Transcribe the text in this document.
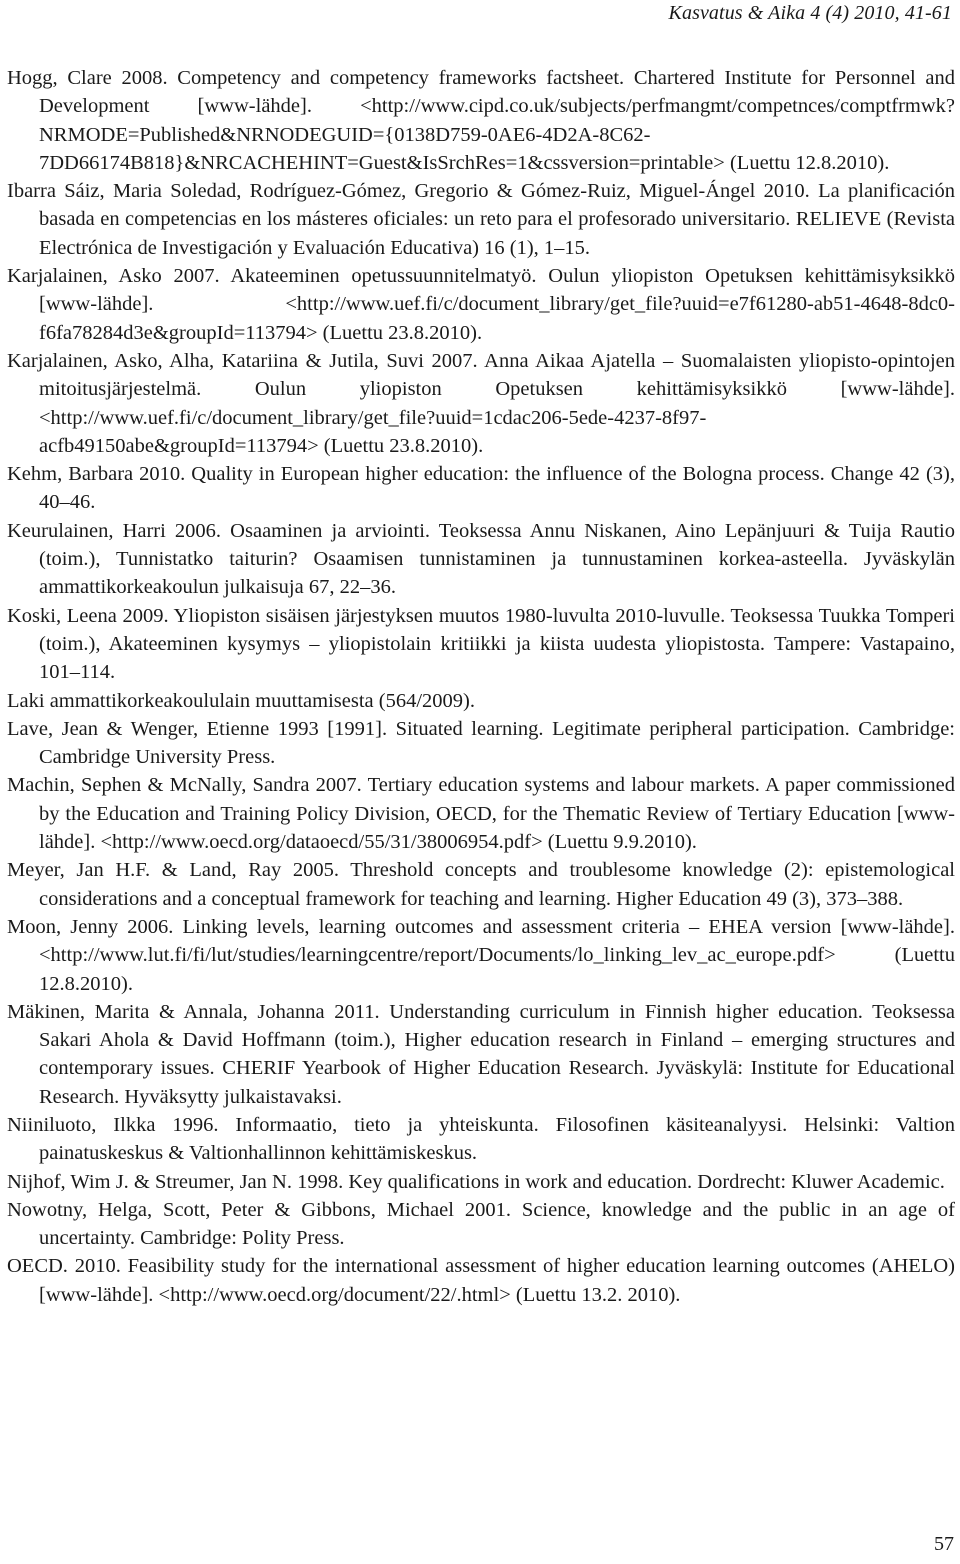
Kasvatus & Aika 4 (4) 2010, 41-61

Hogg, Clare 2008. Competency and competency frameworks factsheet. Chartered Institute for Personnel and Development [www-lähde]. <http://www.cipd.co.uk/subjects/perfmangmt/competnces/comptfrmwk?NRMODE=Published&NRNODEGUID={0138D759-0AE6-4D2A-8C62-7DD66174B818}&NRCACHEHINT=Guest&IsSrchRes=1&cssversion=printable> (Luettu 12.8.2010).

Ibarra Sáiz, Maria Soledad, Rodríguez-Gómez, Gregorio & Gómez-Ruiz, Miguel-Ángel 2010. La planificación basada en competencias en los másteres oficiales: un reto para el profesorado universitario. RELIEVE (Revista Electrónica de Investigación y Evaluación Educativa) 16 (1), 1–15.

Karjalainen, Asko 2007. Akateeminen opetussuunnitelmatyö. Oulun yliopiston Opetuksen kehittämisyksikkö [www-lähde]. <http://www.uef.fi/c/document_library/get_file?uuid=e7f61280-ab51-4648-8dc0-f6fa78284d3e&groupId=113794> (Luettu 23.8.2010).

Karjalainen, Asko, Alha, Katariina & Jutila, Suvi 2007. Anna Aikaa Ajatella – Suomalaisten yliopisto-opintojen mitoitusjärjestelmä. Oulun yliopiston Opetuksen kehittämisyksikkö [www-lähde]. <http://www.uef.fi/c/document_library/get_file?uuid=1cdac206-5ede-4237-8f97-acfb49150abe&groupId=113794> (Luettu 23.8.2010).

Kehm, Barbara 2010. Quality in European higher education: the influence of the Bologna process. Change 42 (3), 40–46.

Keurulainen, Harri 2006. Osaaminen ja arviointi. Teoksessa Annu Niskanen, Aino Lepänjuuri & Tuija Rautio (toim.), Tunnistatko taiturin? Osaamisen tunnistaminen ja tunnustaminen korkea-asteella. Jyväskylän ammattikorkeakoulun julkaisuja 67, 22–36.

Koski, Leena 2009. Yliopiston sisäisen järjestyksen muutos 1980-luvulta 2010-luvulle. Teoksessa Tuukka Tomperi (toim.), Akateeminen kysymys – yliopistolain kritiikki ja kiista uudesta yliopistosta. Tampere: Vastapaino, 101–114.

Laki ammattikorkeakoululain muuttamisesta (564/2009).

Lave, Jean & Wenger, Etienne 1993 [1991]. Situated learning. Legitimate peripheral participation. Cambridge: Cambridge University Press.

Machin, Sephen & McNally, Sandra 2007. Tertiary education systems and labour markets. A paper commissioned by the Education and Training Policy Division, OECD, for the Thematic Review of Tertiary Education [www-lähde]. <http://www.oecd.org/dataoecd/55/31/38006954.pdf> (Luettu 9.9.2010).

Meyer, Jan H.F. & Land, Ray 2005. Threshold concepts and troublesome knowledge (2): epistemological considerations and a conceptual framework for teaching and learning. Higher Education 49 (3), 373–388.

Moon, Jenny 2006. Linking levels, learning outcomes and assessment criteria – EHEA version [www-lähde]. <http://www.lut.fi/fi/lut/studies/learningcentre/report/Documents/lo_linking_lev_ac_europe.pdf> (Luettu 12.8.2010).

Mäkinen, Marita & Annala, Johanna 2011. Understanding curriculum in Finnish higher education. Teoksessa Sakari Ahola & David Hoffmann (toim.), Higher education research in Finland – emerging structures and contemporary issues. CHERIF Yearbook of Higher Education Research. Jyväskylä: Institute for Educational Research. Hyväksytty julkaistavaksi.

Niiniluoto, Ilkka 1996. Informaatio, tieto ja yhteiskunta. Filosofinen käsiteanalyysi. Helsinki: Valtion painatuskeskus & Valtionhallinnon kehittämiskeskus.

Nijhof, Wim J. & Streumer, Jan N. 1998. Key qualifications in work and education. Dordrecht: Kluwer Academic.

Nowotny, Helga, Scott, Peter & Gibbons, Michael 2001. Science, knowledge and the public in an age of uncertainty. Cambridge: Polity Press.

OECD. 2010. Feasibility study for the international assessment of higher education learning outcomes (AHELO) [www-lähde]. <http://www.oecd.org/document/22/.html> (Luettu 13.2. 2010).

57
